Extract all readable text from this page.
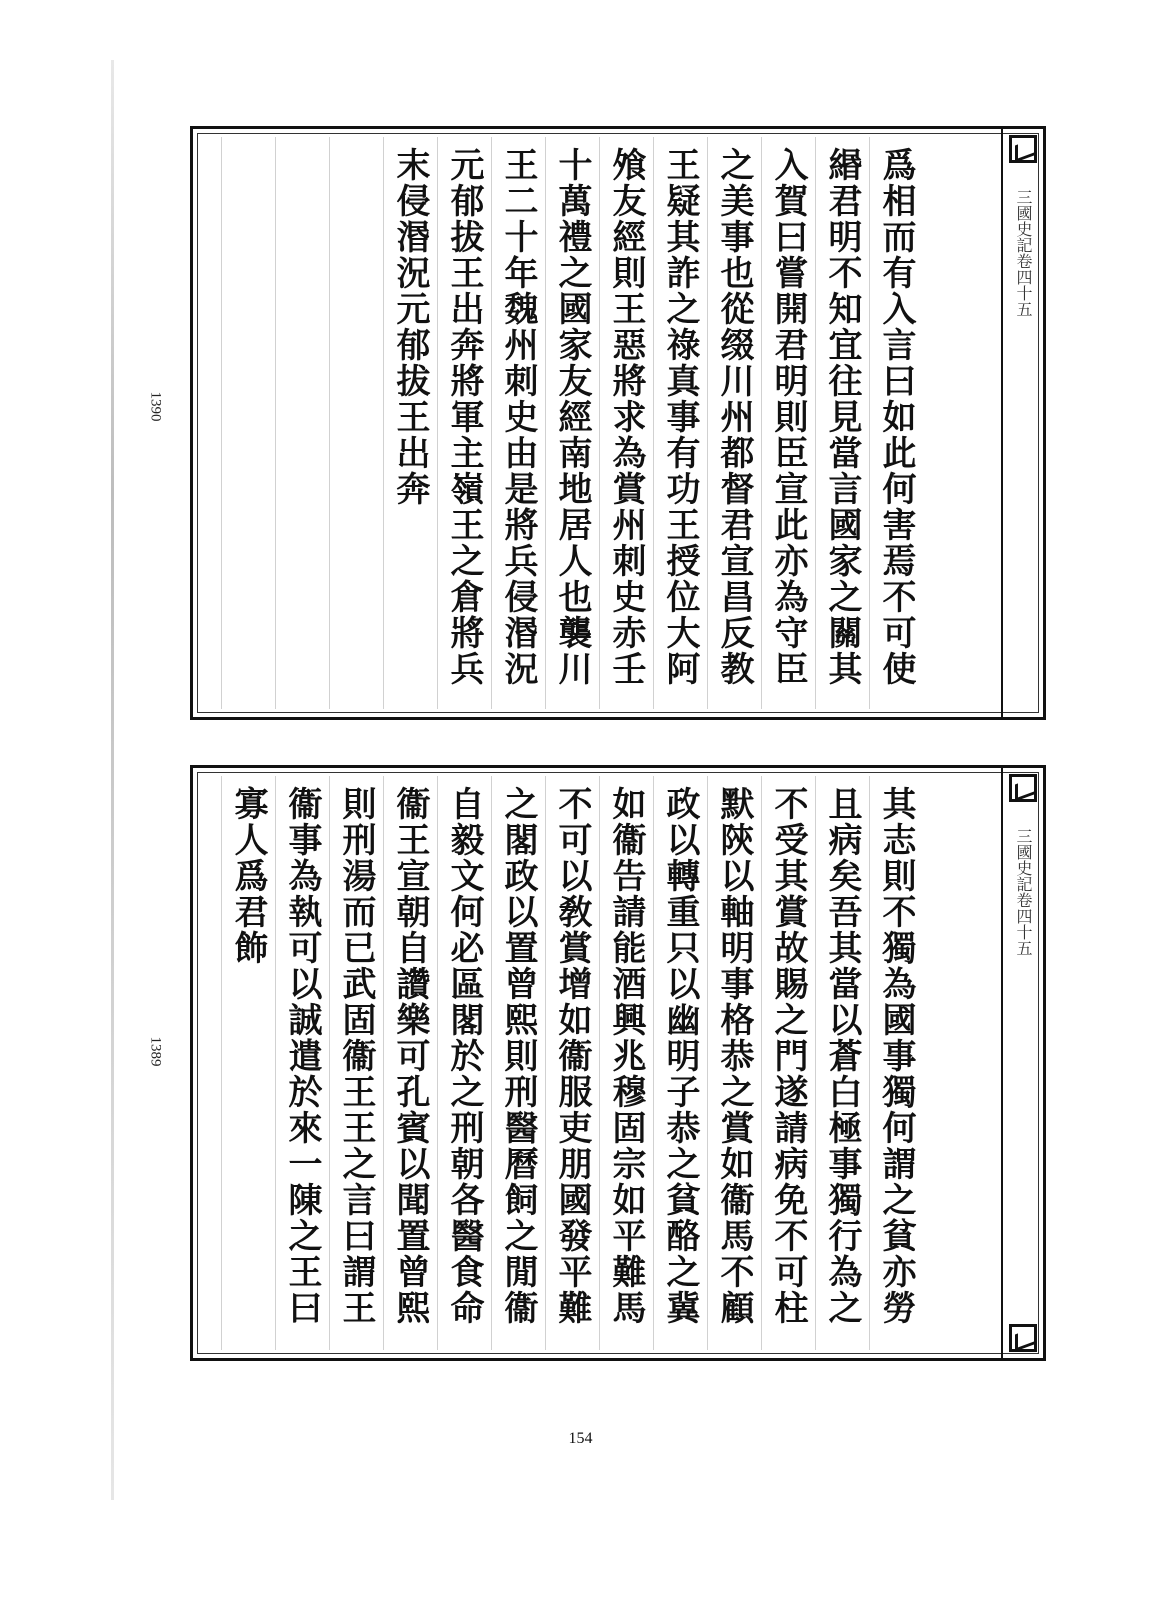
1390
1389
爲相而有入言曰如此何害焉不可使緡君明不知宜往見當言國家之關其入賀曰嘗開君明則臣宣此亦為守臣之美事也從缀川州都督君宣昌反教王疑其詐之祿真事有功王授位大阿飧友經則王惡將求為賞州刺史赤壬十萬禮之國家友經南地居人也襲川王二十年魏州刺史由是將兵侵湣況元郁拔王出奔將軍主嶺王之倉將兵末侵湣況元郁拔王出奔	三國史記卷四十五
其志則不獨為國事獨何謂之貧亦勞且病矣吾其當以蒼白極事獨行為之不受其賞故賜之門遂請病免不可柱默陝以軸明事格恭之賞如衞馬不顧政以轉重只以幽明子恭之貧酪之冀如衞告請能酒興兆穆固宗如平難馬不可以敎賞增如衞服吏朋國發平難之閣政以置曾熙則刑醫曆飼之閒衞自毅文何必區閣於之刑朝各醫食命衞王宣朝自讚樂可孔賓以聞置曾熙則刑湯而已武固衞王王之言曰謂王衞事為執可以誠遣於來一陳之王曰寡人爲君飾	三國史記卷四十五
154
